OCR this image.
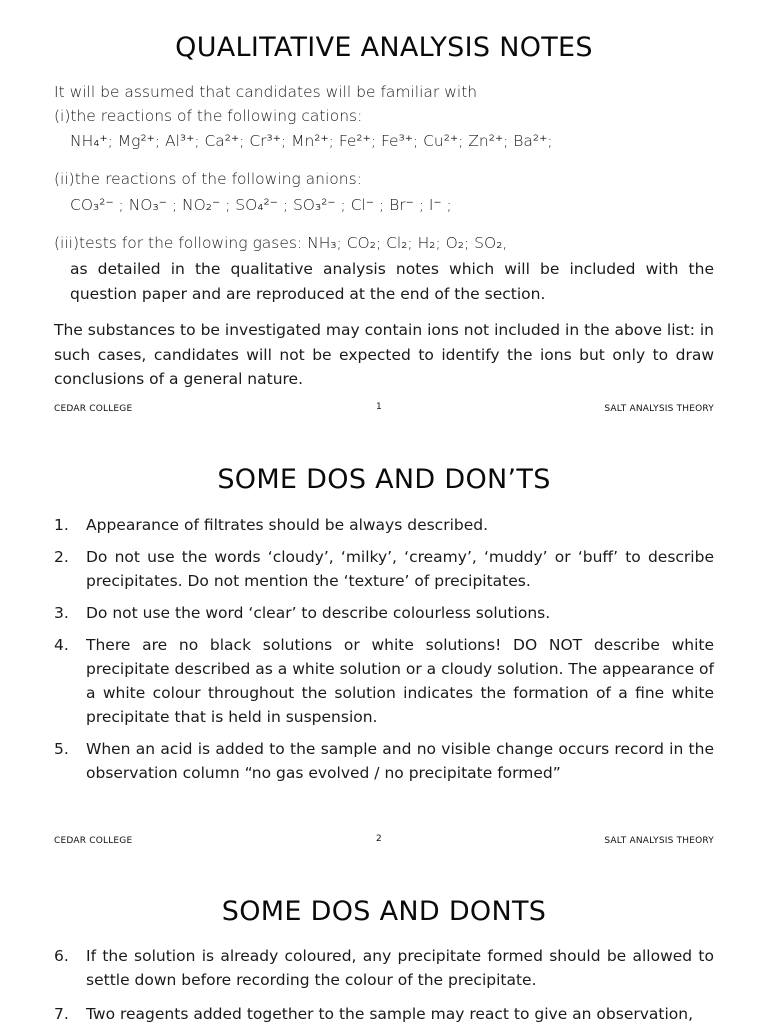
QUALITATIVE ANALYSIS NOTES
It will be assumed that candidates will be familiar with
(i)the reactions of the following cations:
NH₄⁺; Mg²⁺; Al³⁺; Ca²⁺; Cr³⁺; Mn²⁺; Fe²⁺; Fe³⁺; Cu²⁺; Zn²⁺; Ba²⁺;
(ii)the reactions of the following anions:
CO₃²⁻ ; NO₃⁻ ; NO₂⁻ ; SO₄²⁻ ; SO₃²⁻ ; Cl⁻ ; Br⁻ ; I⁻ ;
(iii)tests for the following gases: NH₃; CO₂; Cl₂; H₂; O₂; SO₂,
as detailed in the qualitative analysis notes which will be included with the question paper and are reproduced at the end of the section.
The substances to be investigated may contain ions not included in the above list: in such cases, candidates will not be expected to identify the ions but only to draw conclusions of a general nature.
CEDAR COLLEGE	1	SALT ANALYSIS THEORY
SOME DOS AND DON’TS
1. Appearance of filtrates should be always described.
2. Do not use the words ‘cloudy’, ‘milky’, ‘creamy’, ‘muddy’ or ‘buff’ to describe precipitates. Do not mention the ‘texture’ of precipitates.
3. Do not use the word ‘clear’ to describe colourless solutions.
4. There are no black solutions or white solutions! DO NOT describe white precipitate described as a white solution or a cloudy solution. The appearance of a white colour throughout the solution indicates the formation of a fine white precipitate that is held in suspension.
5. When an acid is added to the sample and no visible change occurs record in the observation column “no gas evolved / no precipitate formed”
CEDAR COLLEGE	2	SALT ANALYSIS THEORY
SOME DOS AND DONTS
6. If the solution is already coloured, any precipitate formed should be allowed to settle down before recording the colour of the precipitate.
7. Two reagents added together to the sample may react to give an observation,
